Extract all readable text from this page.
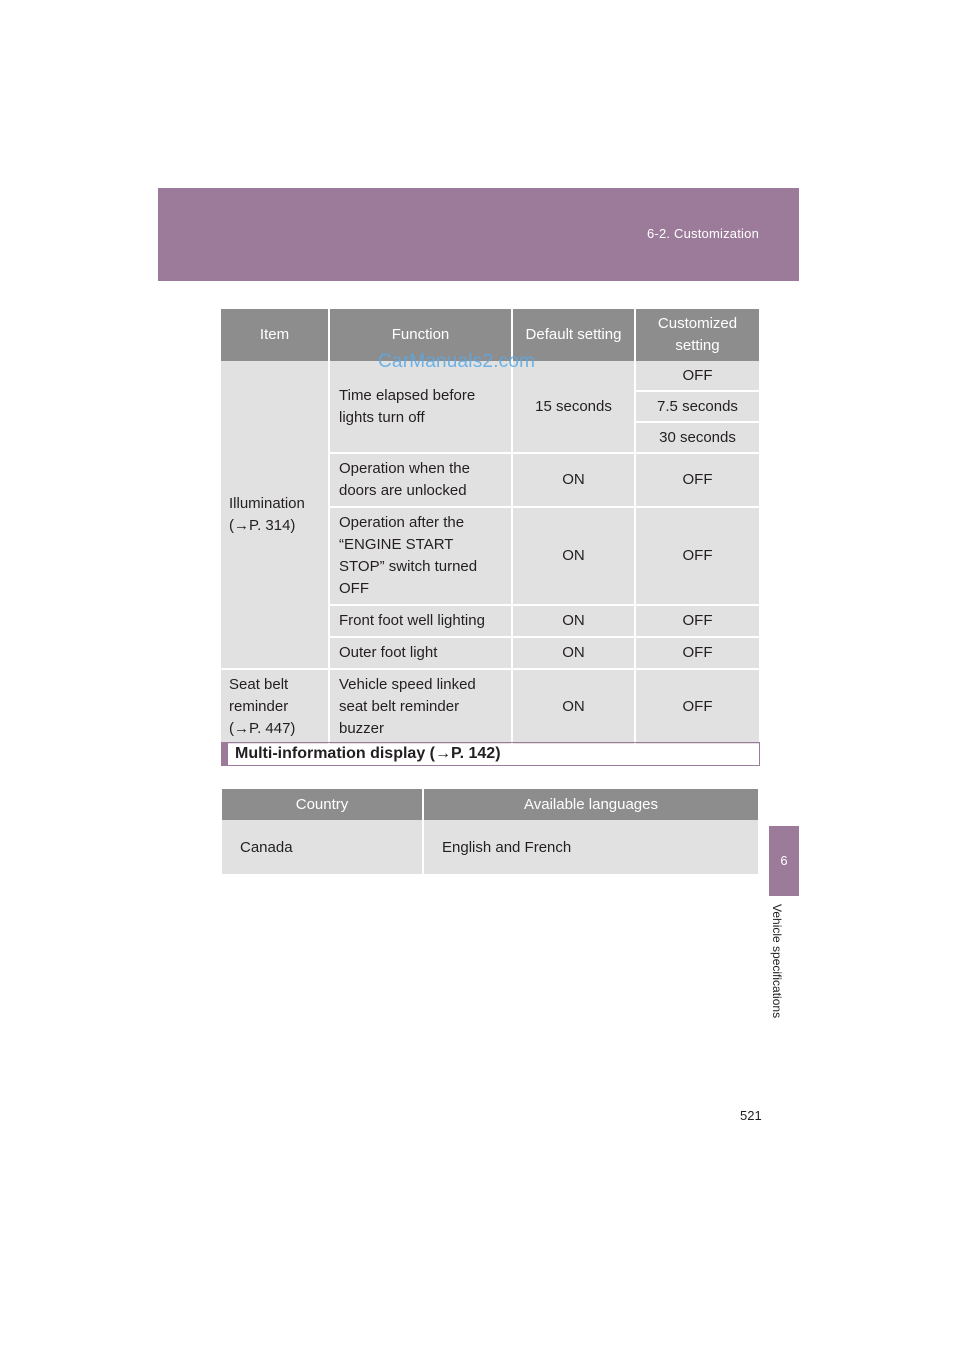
6-2. Customization
6
Vehicle specifications
Item	Function	Default setting	Customized setting

Illumination
(→P. 314)	Time elapsed before lights turn off	15 seconds	OFF
			7.5 seconds
			30 seconds
	Operation when the doors are unlocked	ON	OFF
	Operation after the “ENGINE START STOP” switch turned OFF	ON	OFF
	Front foot well lighting	ON	OFF
	Outer foot light	ON	OFF

Seat belt reminder
(→P. 447)	Vehicle speed linked seat belt reminder buzzer	ON	OFF
CarManuals2.com
Multi-information display (→P. 142)
Country	Available languages
Canada	English and French
521
